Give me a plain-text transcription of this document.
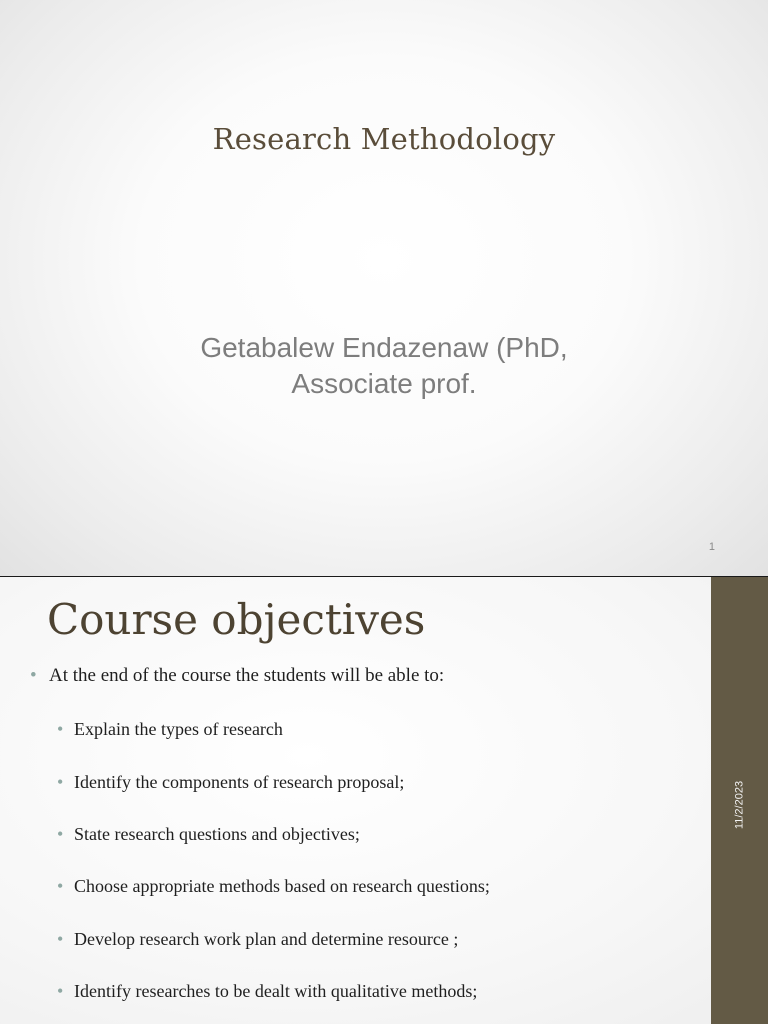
Research Methodology
Getabalew Endazenaw (PhD,
Associate prof.
1
11/2/2023
Course objectives
• At the end of the course the students will be able to:
• Explain the types of research
• Identify the components of research proposal;
• State research questions and objectives;
• Choose appropriate methods based on research questions;
• Develop research work plan and determine resource ;
• Identify researches to be dealt with qualitative methods;
